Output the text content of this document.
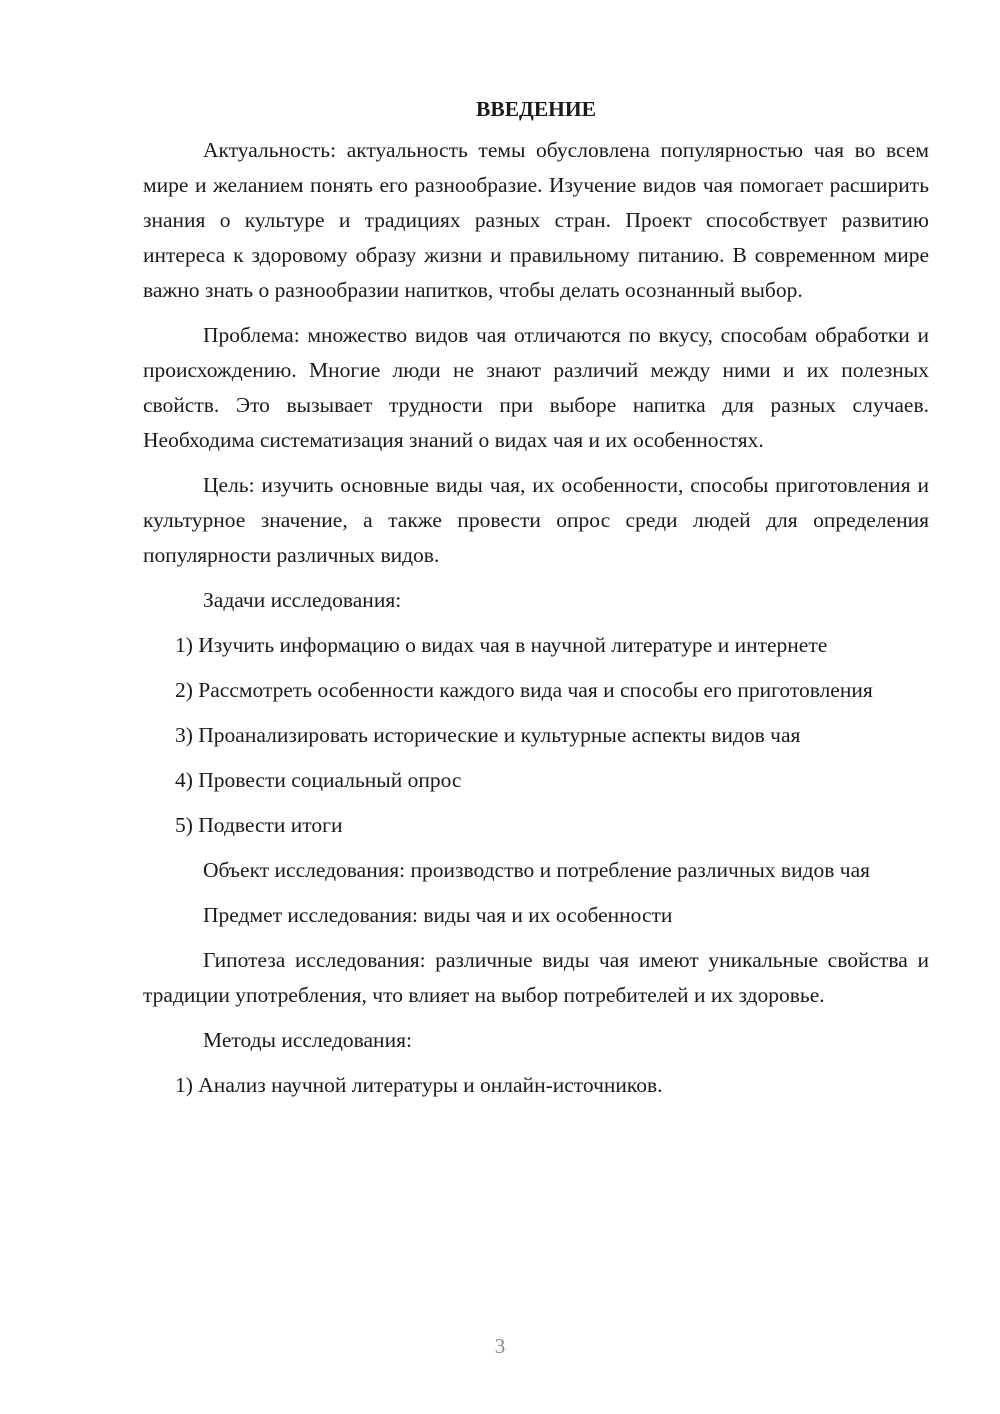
ВВЕДЕНИЕ

Актуальность: актуальность темы обусловлена популярностью чая во всем мире и желанием понять его разнообразие. Изучение видов чая помогает расширить знания о культуре и традициях разных стран. Проект способствует развитию интереса к здоровому образу жизни и правильному питанию. В современном мире важно знать о разнообразии напитков, чтобы делать осознанный выбор.

Проблема: множество видов чая отличаются по вкусу, способам обработки и происхождению. Многие люди не знают различий между ними и их полезных свойств. Это вызывает трудности при выборе напитка для разных случаев. Необходима систематизация знаний о видах чая и их особенностях.

Цель: изучить основные виды чая, их особенности, способы приготовления и культурное значение, а также провести опрос среди людей для определения популярности различных видов.

Задачи исследования:

1) Изучить информацию о видах чая в научной литературе и интернете

2) Рассмотреть особенности каждого вида чая и способы его приготовления

3) Проанализировать исторические и культурные аспекты видов чая

4) Провести социальный опрос

5) Подвести итоги

Объект исследования: производство и потребление различных видов чая

Предмет исследования: виды чая и их особенности

Гипотеза исследования: различные виды чая имеют уникальные свойства и традиции употребления, что влияет на выбор потребителей и их здоровье.

Методы исследования:

1) Анализ научной литературы и онлайн-источников.

3
